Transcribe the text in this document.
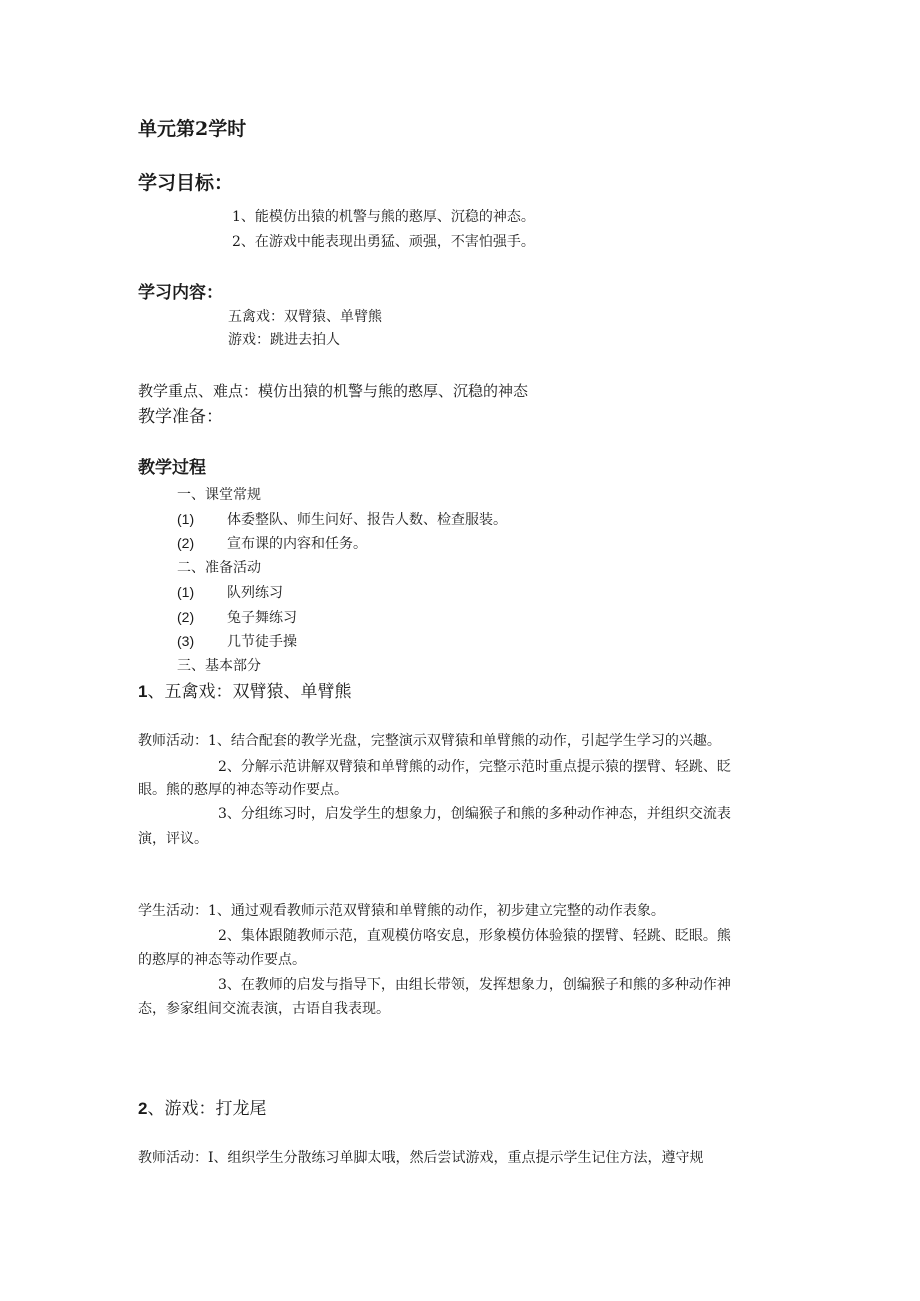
单元第2学时
学习目标：

1、能模仿出猿的机警与熊的憨厚、沉稳的神态。

2、在游戏中能表现出勇猛、顽强，不害怕强手。

学习内容：

五禽戏：双臂猿、单臂熊

游戏：跳进去拍人

教学重点、难点：模仿出猿的机警与熊的憨厚、沉稳的神态

教学准备：

教学过程

一、课堂常规

(1) 体委整队、师生问好、报告人数、检查服装。

(2) 宣布课的内容和任务。

二、准备活动

(1) 队列练习

(2) 兔子舞练习

(3) 几节徒手操

三、基本部分

1、五禽戏：双臂猿、单臂熊

教师活动：1、结合配套的教学光盘，完整演示双臂猿和单臂熊的动作，引起学生学习的兴趣。

2、分解示范讲解双臂猿和单臂熊的动作，完整示范时重点提示猿的摆臂、轻跳、眨

眼。熊的憨厚的神态等动作要点。

3、分组练习时，启发学生的想象力，创编猴子和熊的多种动作神态，并组织交流表

演，评议。

学生活动：1、通过观看教师示范双臂猿和单臂熊的动作，初步建立完整的动作表象。

2、集体跟随教师示范，直观模仿咯安息，形象模仿体验猿的摆臂、轻跳、眨眼。熊

的憨厚的神态等动作要点。

3、在教师的启发与指导下，由组长带领，发挥想象力，创编猴子和熊的多种动作神

态，参家组间交流表演，古语自我表现。

2、游戏：打龙尾

教师活动：I、组织学生分散练习单脚太哦，然后尝试游戏，重点提示学生记住方法，遵守规
